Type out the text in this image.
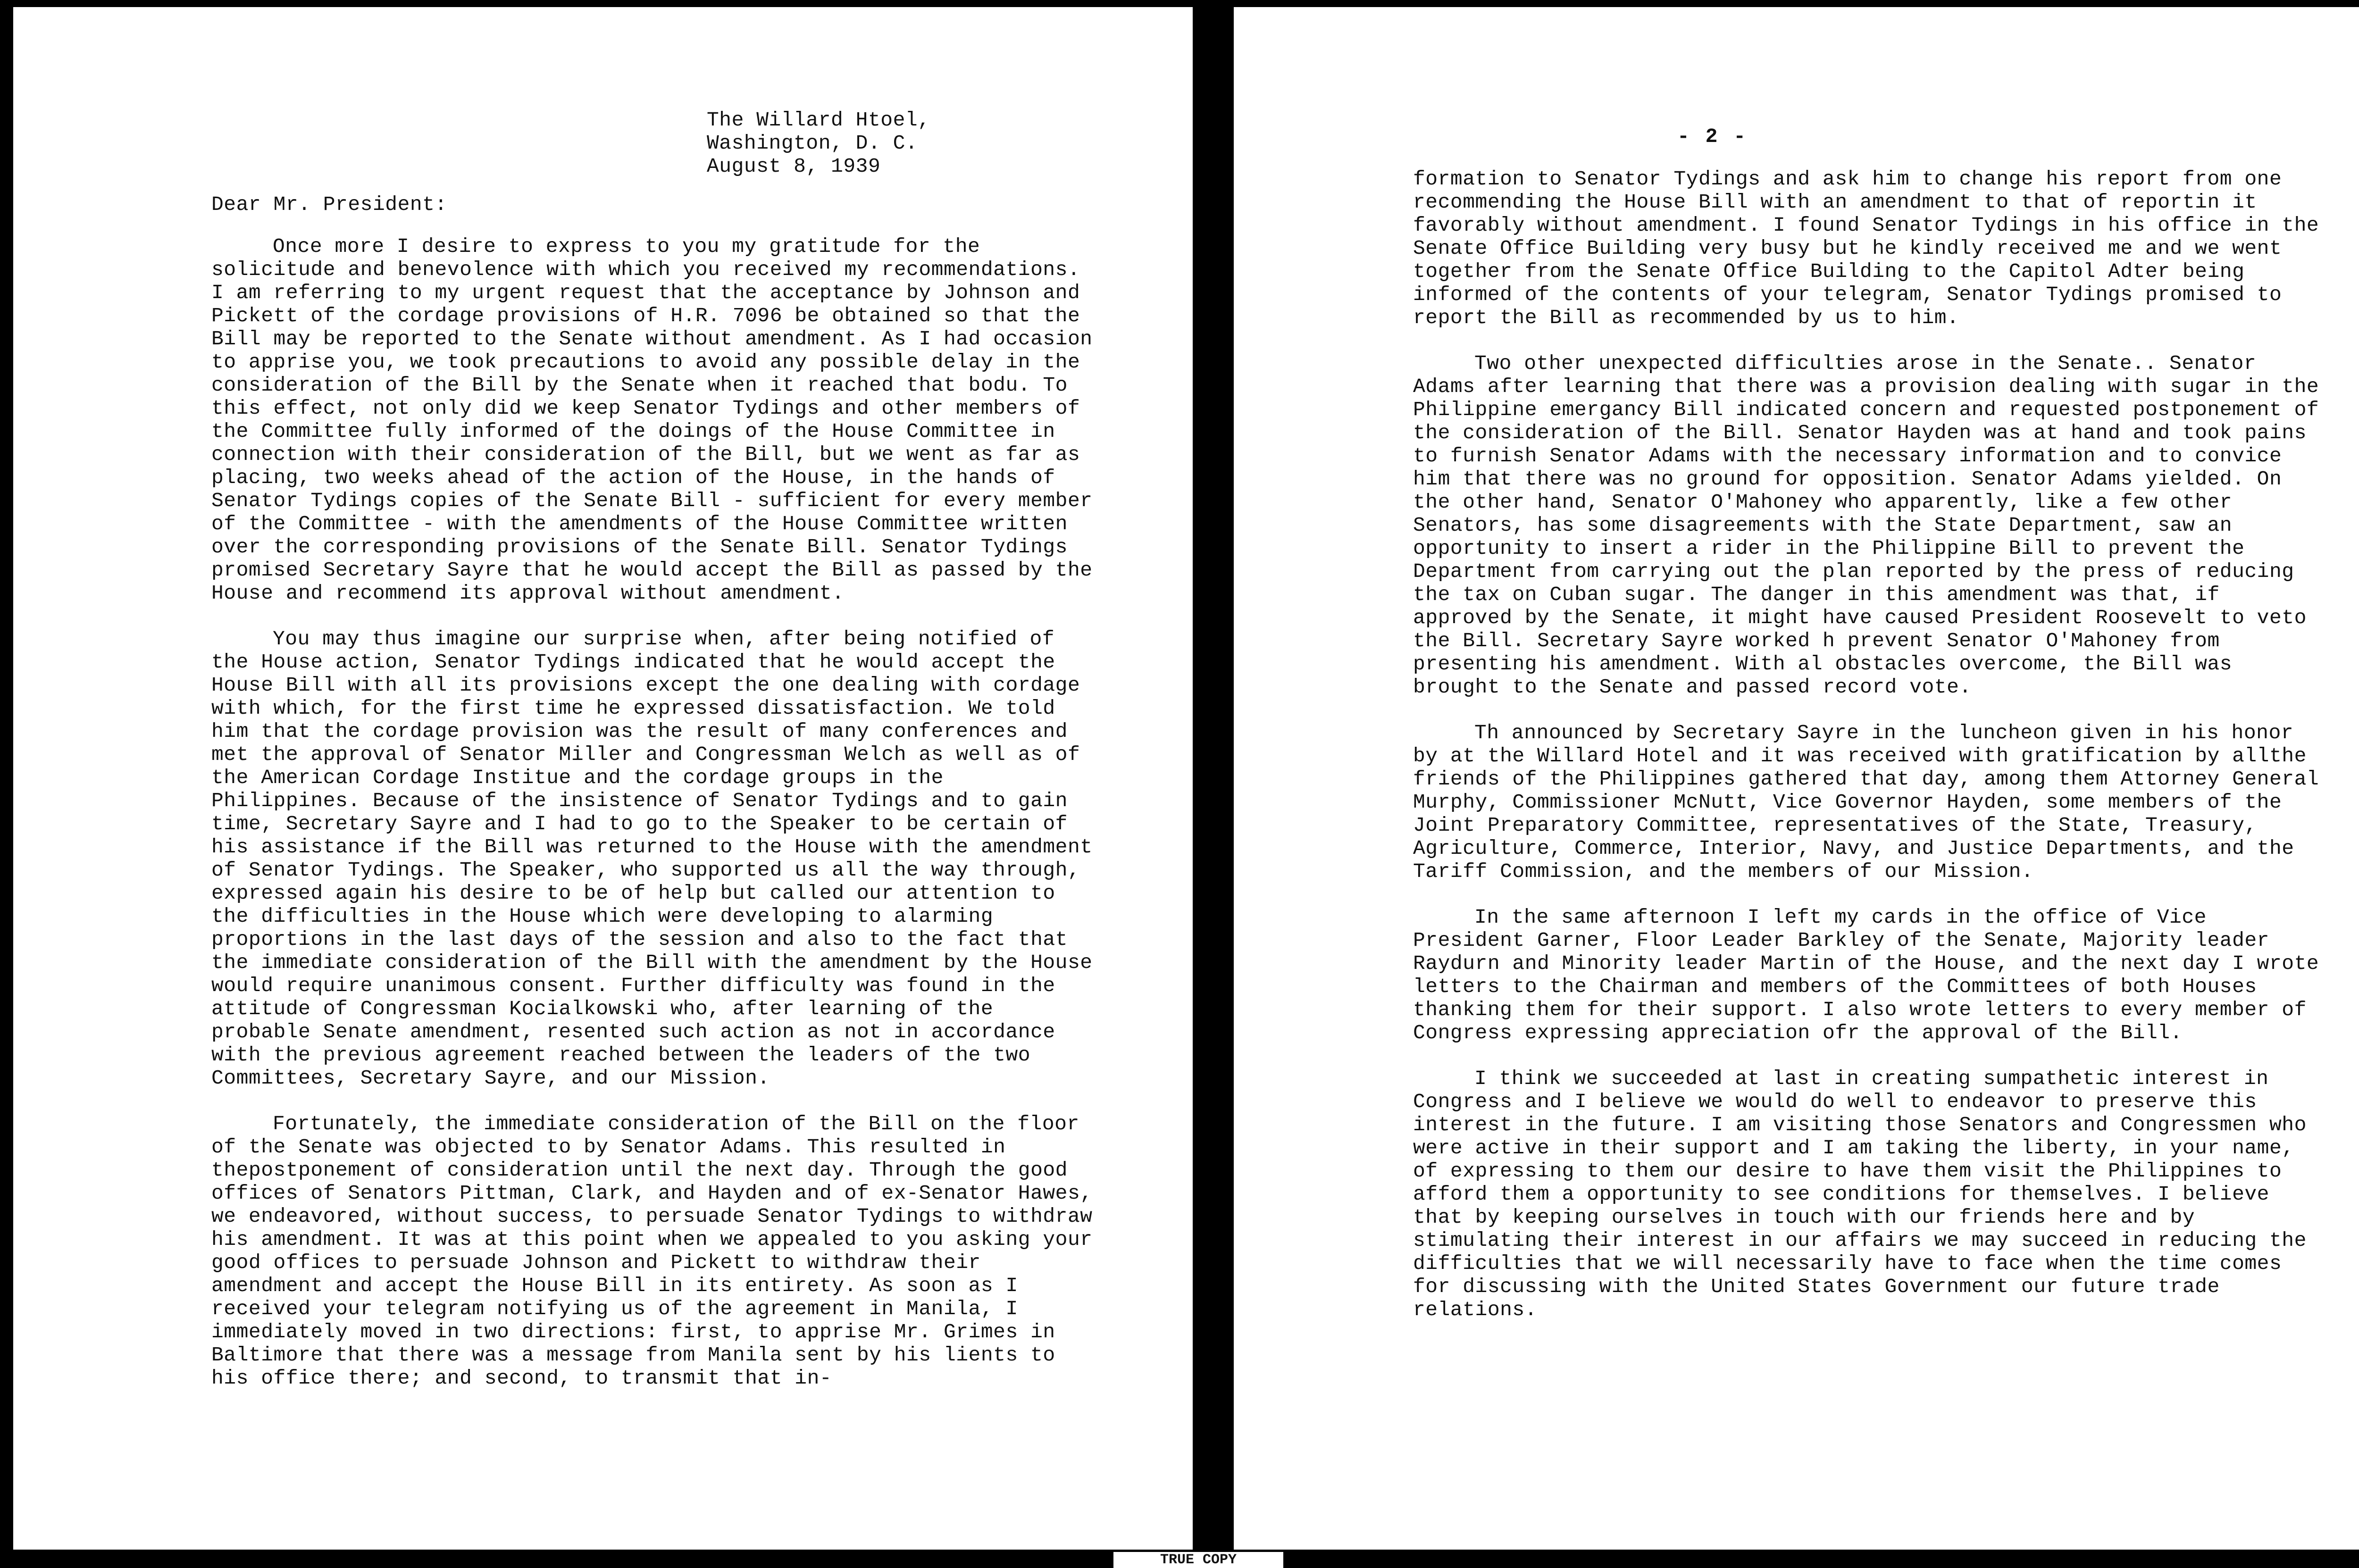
The Willard Htoel,
Washington, D. C.
August 8, 1939
Dear Mr. President:

Once more I desire to express to you my gratitude for the solicitude and benevolence with which you received my recommendations. I am referring to my urgent request that the acceptance by Johnson and Pickett of the cordage provisions of H.R. 7096 be obtained so that the Bill may be reported to the Senate without amendment. As I had occasion to apprise you, we took precautions to avoid any possible delay in the consideration of the Bill by the Senate when it reached that bodu. To this effect, not only did we keep Senator Tydings and other members of the Committee fully informed of the doings of the House Committee in connection with their consideration of the Bill, but we went as far as placing, two weeks ahead of the action of the House, in the hands of Senator Tydings copies of the Senate Bill - sufficient for every member of the Committee - with the amendments of the House Committee written over the corresponding provisions of the Senate Bill. Senator Tydings promised Secretary Sayre that he would accept the Bill as passed by the House and recommend its approval without amendment.

You may thus imagine our surprise when, after being notified of the House action, Senator Tydings indicated that he would accept the House Bill with all its provisions except the one dealing with cordage with which, for the first time he expressed dissatisfaction. We told him that the cordage provision was the result of many conferences and met the approval of Senator Miller and Congressman Welch as well as of the American Cordage Institue and the cordage groups in the Philippines. Because of the insistence of Senator Tydings and to gain time, Secretary Sayre and I had to go to the Speaker to be certain of his assistance if the Bill was returned to the House with the amendment of Senator Tydings. The Speaker, who supported us all the way through, expressed again his desire to be of help but called our attention to the difficulties in the House which were developing to alarming proportions in the last days of the session and also to the fact that the immediate consideration of the Bill with the amendment by the House would require unanimous consent. Further difficulty was found in the attitude of Congressman Kocialkowski who, after learning of the probable Senate amendment, resented such action as not in accordance with the previous agreement reached between the leaders of the two Committees, Secretary Sayre, and our Mission.

Fortunately, the immediate consideration of the Bill on the floor of the Senate was objected to by Senator Adams. This resulted in thepostponement of consideration until the next day. Through the good offices of Senators Pittman, Clark, and Hayden and of ex-Senator Hawes, we endeavored, without success, to persuade Senator Tydings to withdraw his amendment. It was at this point when we appealed to you asking your good offices to persuade Johnson and Pickett to withdraw their amendment and accept the House Bill in its entirety. As soon as I received your telegram notifying us of the agreement in Manila, I immediately moved in two directions: first, to apprise Mr. Grimes in Baltimore that there was a message from Manila sent by his lients to his office there; and second, to transmit that in-

- 2 -

formation to Senator Tydings and ask him to change his report from one recommending the House Bill with an amendment to that of reportin it favorably without amendment. I found Senator Tydings in his office in the Senate Office Building very busy but he kindly received me and we went together from the Senate Office Building to the Capitol Adter being informed of the contents of your telegram, Senator Tydings promised to report the Bill as recommended by us to him.

Two other unexpected difficulties arose in the Senate.. Senator Adams after learning that there was a provision dealing with sugar in the Philippine emergancy Bill indicated concern and requested postponement of the consideration of the Bill. Senator Hayden was at hand and took pains to furnish Senator Adams with the necessary information and to convice him that there was no ground for opposition. Senator Adams yielded. On the other hand, Senator O'Mahoney who apparently, like a few other Senators, has some disagreements with the State Department, saw an opportunity to insert a rider in the Philippine Bill to prevent the Department from carrying out the plan reported by the press of reducing the tax on Cuban sugar. The danger in this amendment was that, if approved by the Senate, it might have caused President Roosevelt to veto the Bill. Secretary Sayre worked h prevent Senator O'Mahoney from presenting his amendment. With al obstacles overcome, the Bill was brought to the Senate and passed record vote.

Th announced by Secretary Sayre in the luncheon given in his honor by at the Willard Hotel and it was received with gratification by allthe friends of the Philippines gathered that day, among them Attorney General Murphy, Commissioner McNutt, Vice Governor Hayden, some members of the Joint Preparatory Committee, representatives of the State, Treasury, Agriculture, Commerce, Interior, Navy, and Justice Departments, and the Tariff Commission, and the members of our Mission.

In the same afternoon I left my cards in the office of Vice President Garner, Floor Leader Barkley of the Senate, Majority leader Raydurn and Minority leader Martin of the House, and the next day I wrote letters to the Chairman and members of the Committees of both Houses thanking them for their support. I also wrote letters to every member of Congress expressing appreciation ofr the approval of the Bill.

I think we succeeded at last in creating sumpathetic interest in Congress and I believe we would do well to endeavor to preserve this interest in the future. I am visiting those Senators and Congressmen who were active in their support and I am taking the liberty, in your name, of expressing to them our desire to have them visit the Philippines to afford them a opportunity to see conditions for themselves. I believe that by keeping ourselves in touch with our friends here and by stimulating their interest in our affairs we may succeed in reducing the difficulties that we will necessarily have to face when the time comes for discussing with the United States Government our future trade relations.

TRUE COPY
